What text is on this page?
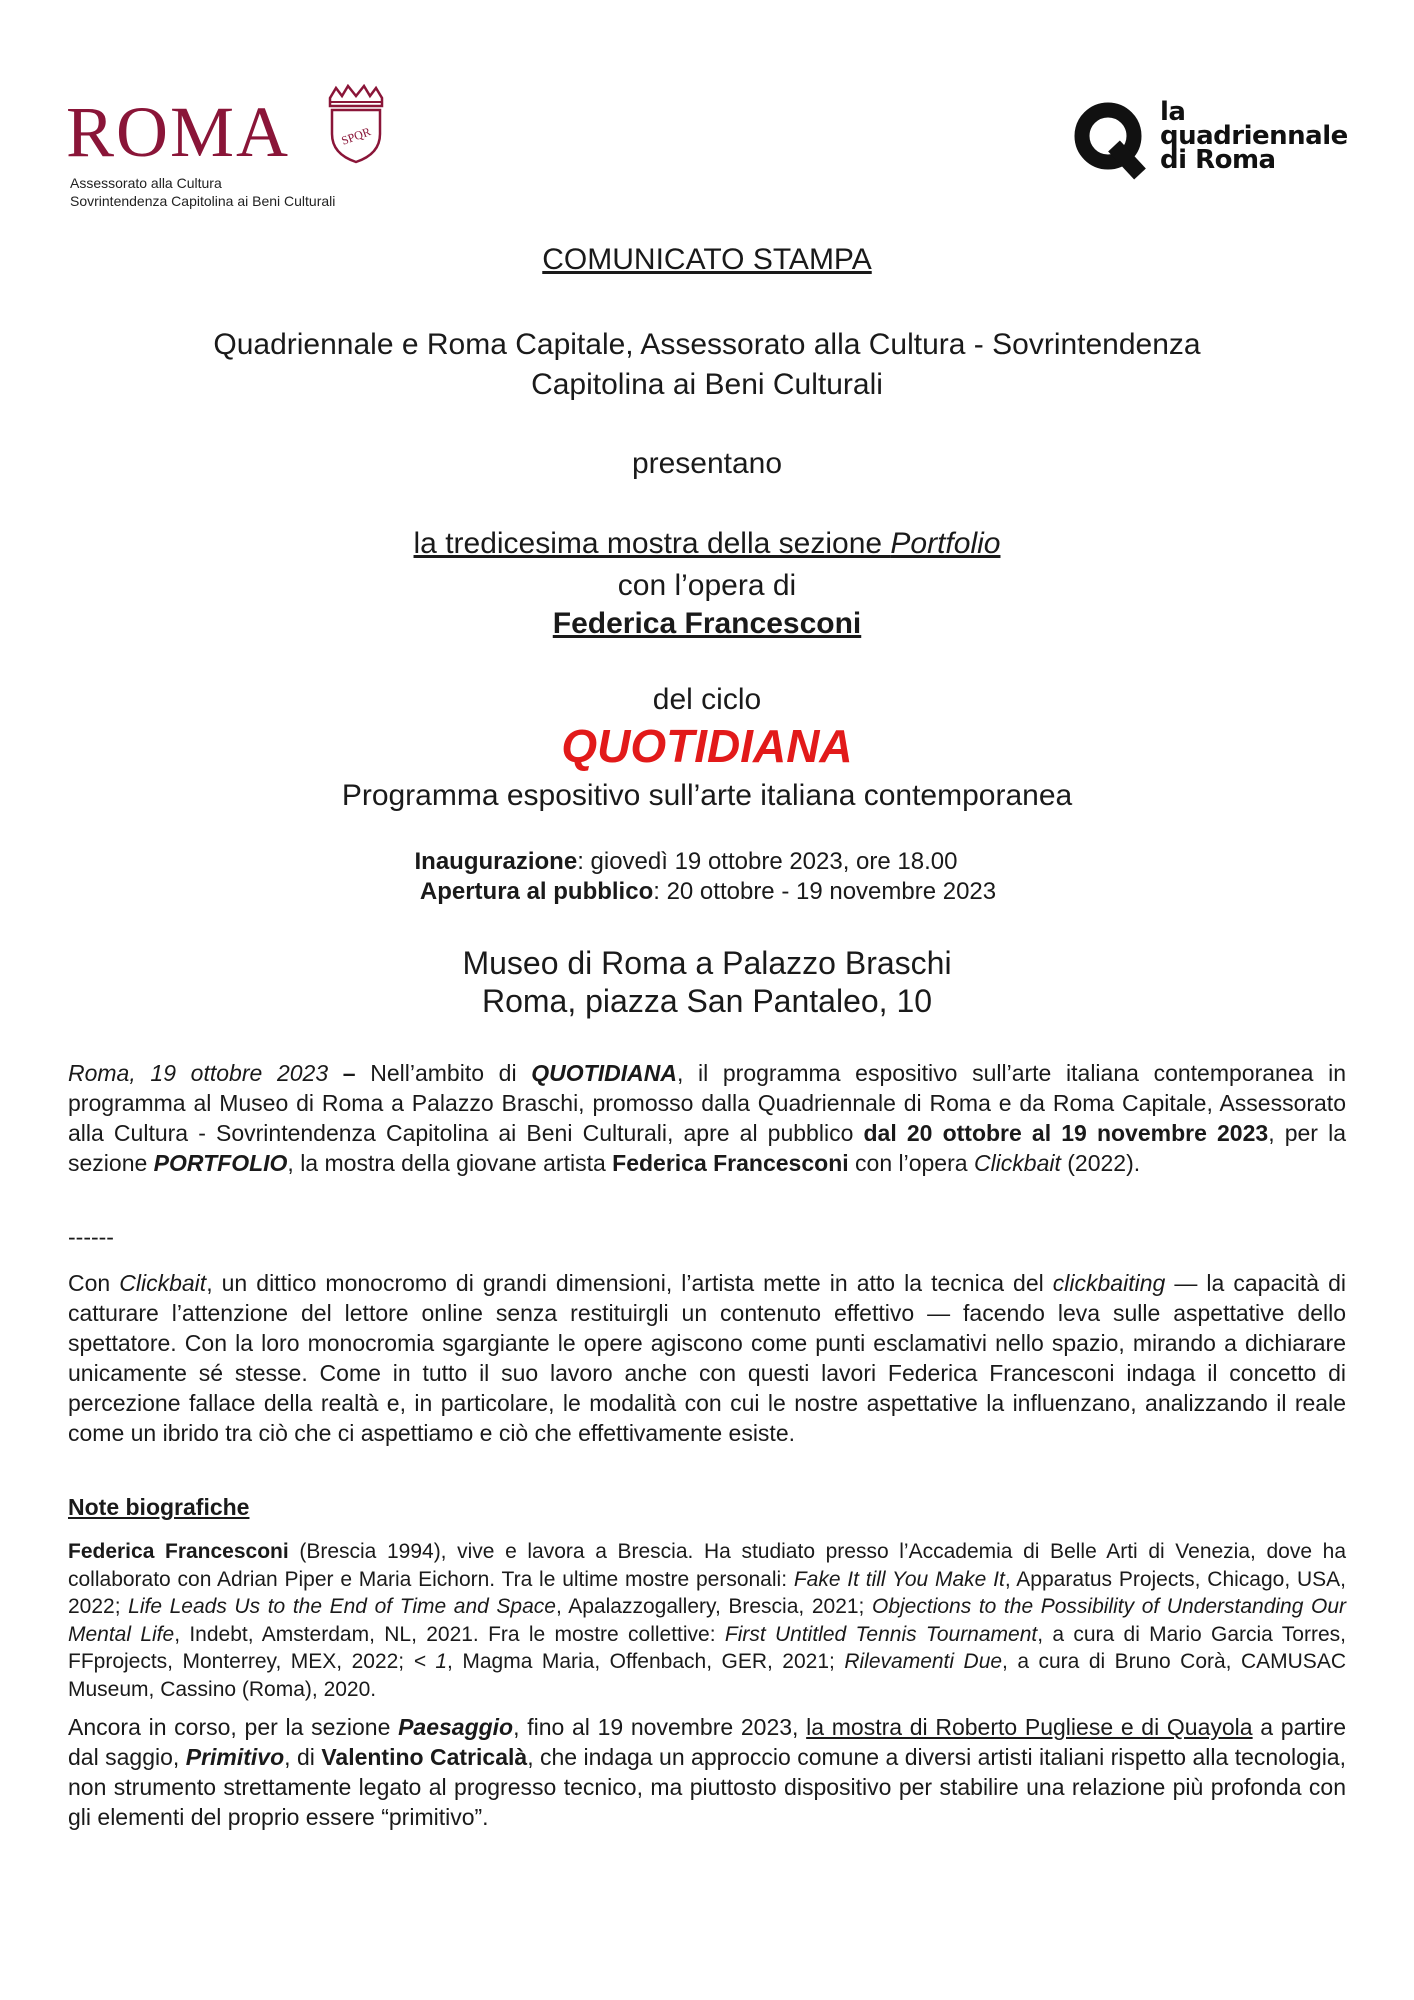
ROMA	SPQR
Assessorato alla Cultura
Sovrintendenza Capitolina ai Beni Culturali
la
quadriennale
di Roma
COMUNICATO STAMPA
Quadriennale e Roma Capitale, Assessorato alla Cultura - Sovrintendenza
Capitolina ai Beni Culturali
presentano
la tredicesima mostra della sezione Portfolio
con l’opera di
Federica Francesconi
del ciclo
QUOTIDIANA
Programma espositivo sull’arte italiana contemporanea
Inaugurazione: giovedì 19 ottobre 2023, ore 18.00
Apertura al pubblico: 20 ottobre - 19 novembre 2023
Museo di Roma a Palazzo Braschi
Roma, piazza San Pantaleo, 10
Roma, 19 ottobre 2023 – Nell’ambito di QUOTIDIANA, il programma espositivo sull’arte italiana contemporanea in programma al Museo di Roma a Palazzo Braschi, promosso dalla Quadriennale di Roma e da Roma Capitale, Assessorato alla Cultura - Sovrintendenza Capitolina ai Beni Culturali, apre al pubblico dal 20 ottobre al 19 novembre 2023, per la sezione PORTFOLIO, la mostra della giovane artista Federica Francesconi con l’opera Clickbait (2022).
------
Con Clickbait, un dittico monocromo di grandi dimensioni, l’artista mette in atto la tecnica del clickbaiting — la capacità di catturare l’attenzione del lettore online senza restituirgli un contenuto effettivo — facendo leva sulle aspettative dello spettatore. Con la loro monocromia sgargiante le opere agiscono come punti esclamativi nello spazio, mirando a dichiarare unicamente sé stesse. Come in tutto il suo lavoro anche con questi lavori Federica Francesconi indaga il concetto di percezione fallace della realtà e, in particolare, le modalità con cui le nostre aspettative la influenzano, analizzando il reale come un ibrido tra ciò che ci aspettiamo e ciò che effettivamente esiste.
Note biografiche
Federica Francesconi (Brescia 1994), vive e lavora a Brescia. Ha studiato presso l’Accademia di Belle Arti di Venezia, dove ha collaborato con Adrian Piper e Maria Eichorn. Tra le ultime mostre personali: Fake It till You Make It, Apparatus Projects, Chicago, USA, 2022; Life Leads Us to the End of Time and Space, Apalazzogallery, Brescia, 2021; Objections to the Possibility of Understanding Our Mental Life, Indebt, Amsterdam, NL, 2021. Fra le mostre collettive: First Untitled Tennis Tournament, a cura di Mario Garcia Torres, FFprojects, Monterrey, MEX, 2022; < 1, Magma Maria, Offenbach, GER, 2021; Rilevamenti Due, a cura di Bruno Corà, CAMUSAC Museum, Cassino (Roma), 2020.
Ancora in corso, per la sezione Paesaggio, fino al 19 novembre 2023, la mostra di Roberto Pugliese e di Quayola a partire dal saggio, Primitivo, di Valentino Catricalà, che indaga un approccio comune a diversi artisti italiani rispetto alla tecnologia, non strumento strettamente legato al progresso tecnico, ma piuttosto dispositivo per stabilire una relazione più profonda con gli elementi del proprio essere “primitivo”.
